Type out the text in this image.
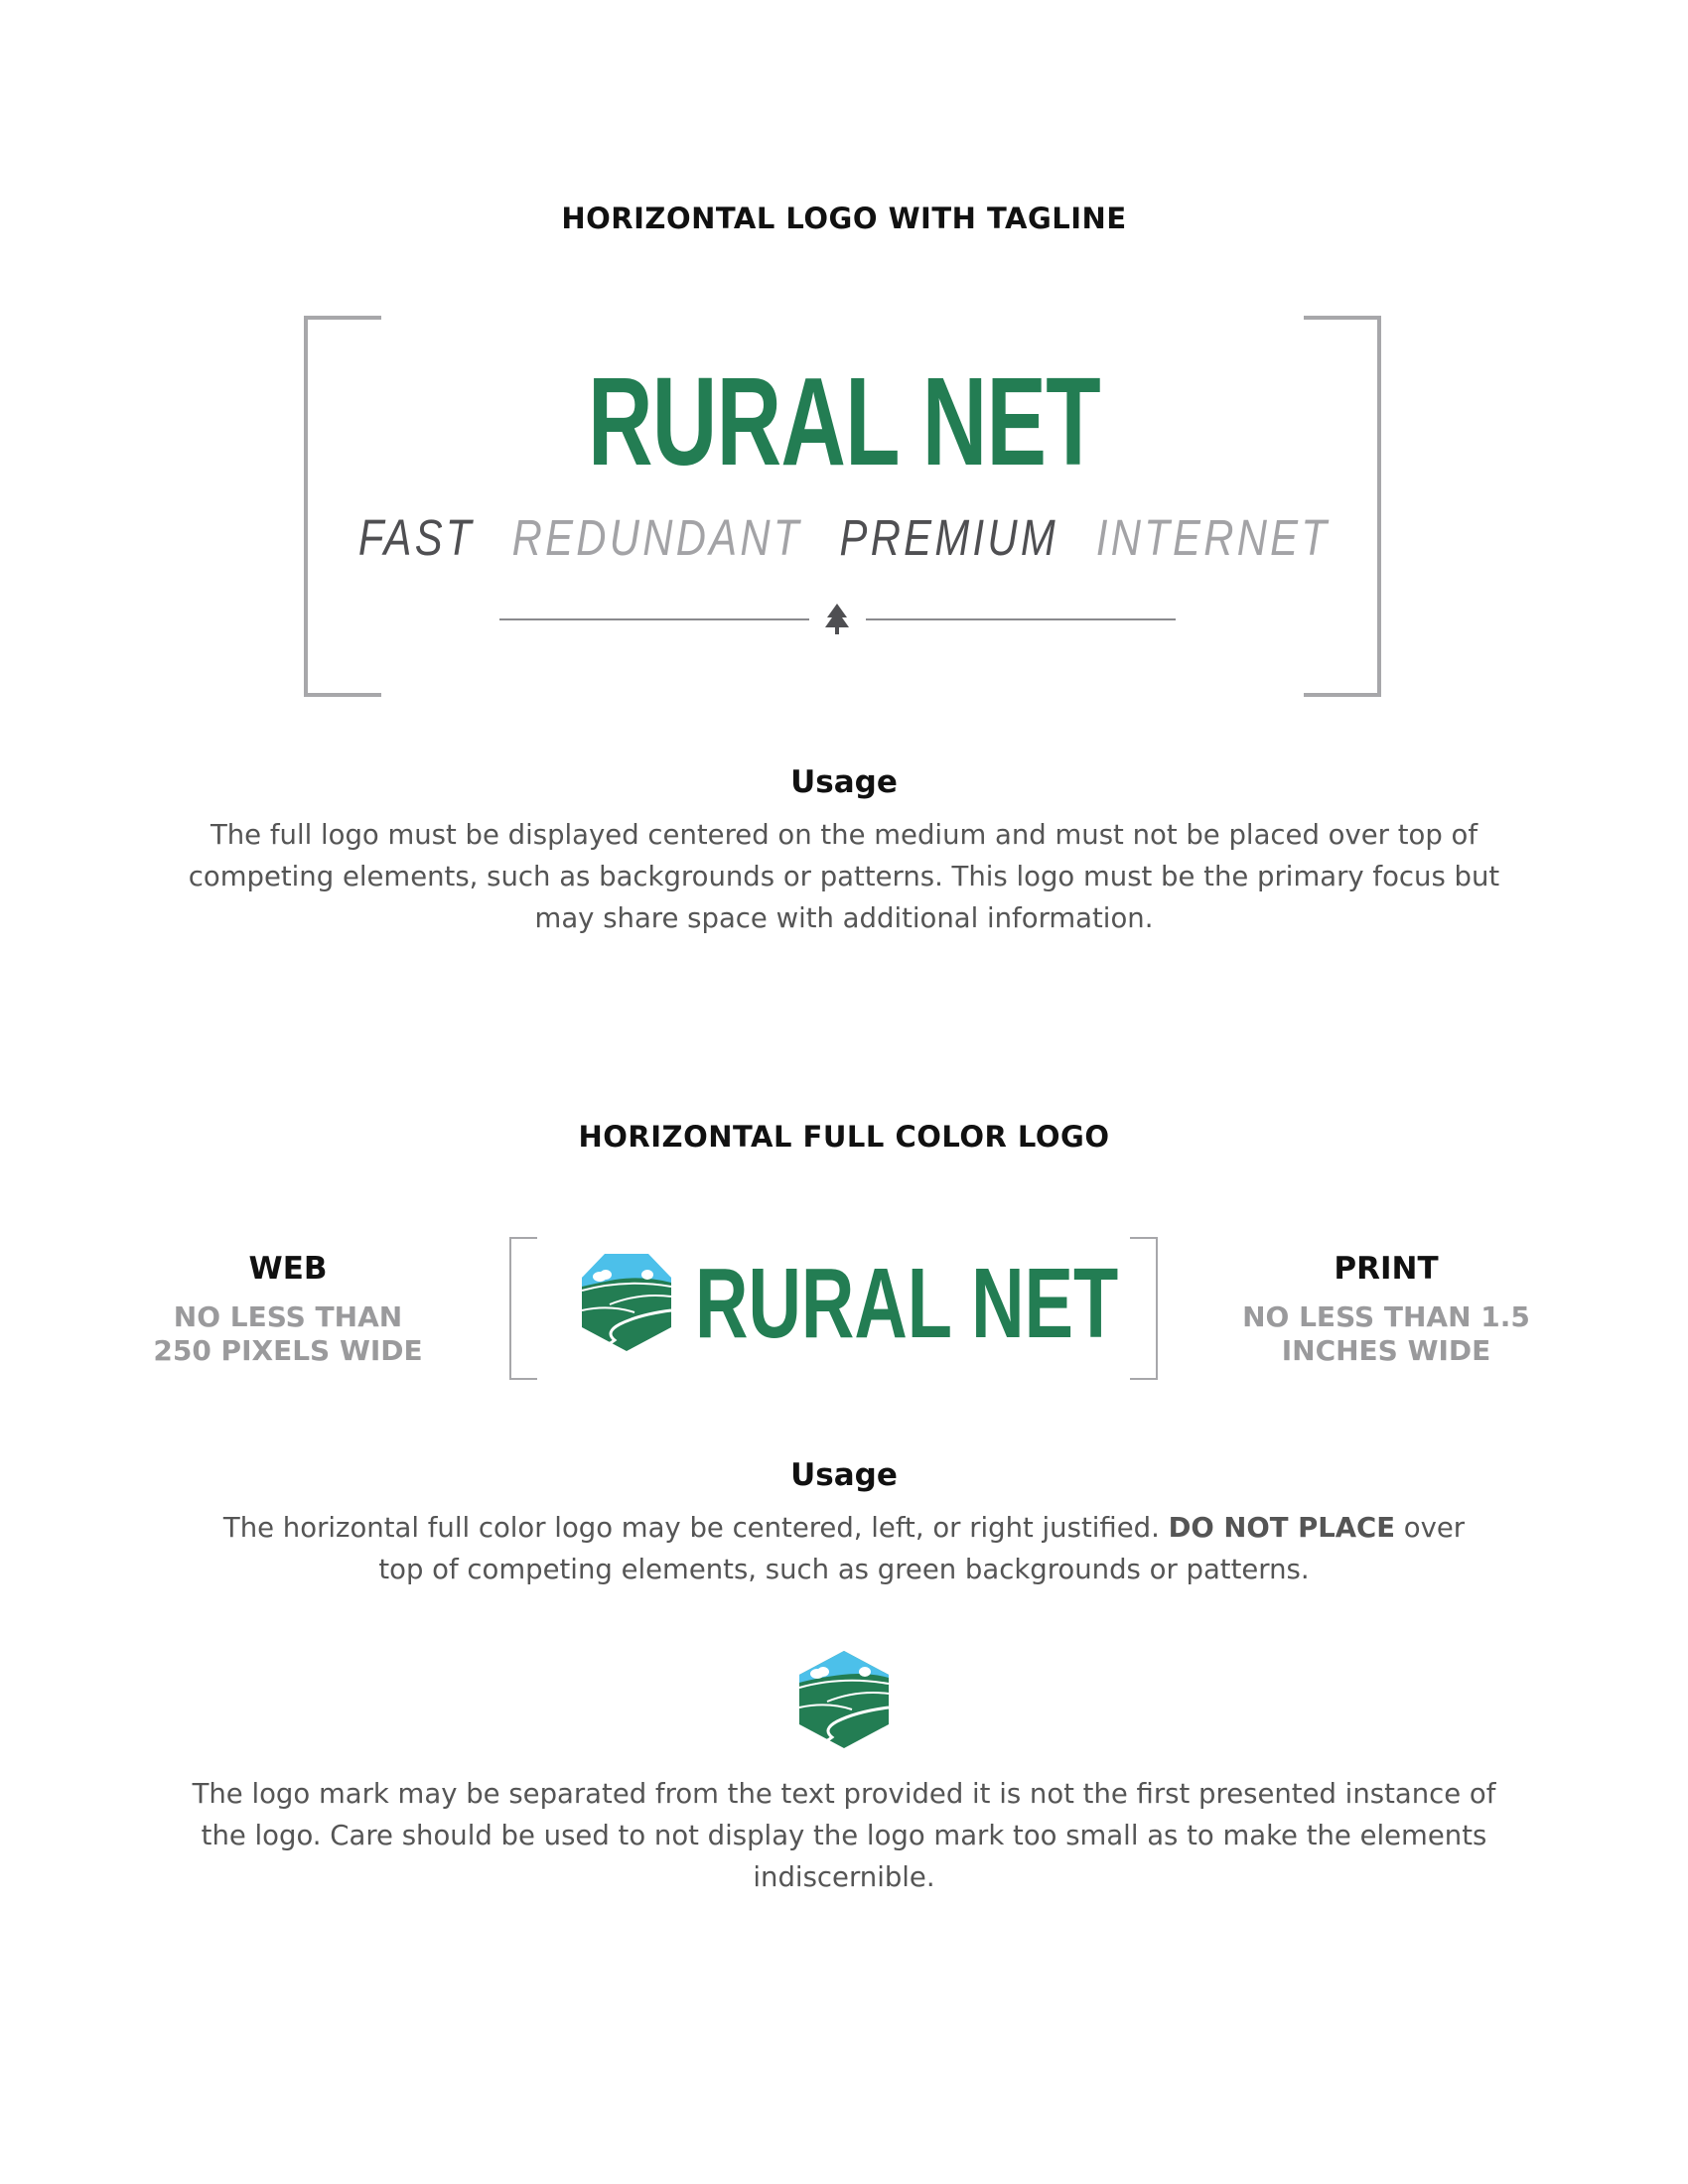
HORIZONTAL LOGO WITH TAGLINE
RURAL NET
FAST REDUNDANT PREMIUM INTERNET
Usage
The full logo must be displayed centered on the medium and must not be placed over top of competing elements, such as backgrounds or patterns. This logo must be the primary focus but may share space with additional information.
HORIZONTAL FULL COLOR LOGO
WEB
NO LESS THAN
250 PIXELS WIDE	RURAL NET	PRINT
NO LESS THAN 1.5
INCHES WIDE
Usage
The horizontal full color logo may be centered, left, or right justified. DO NOT PLACE over top of competing elements, such as green backgrounds or patterns.
The logo mark may be separated from the text provided it is not the first presented instance of the logo. Care should be used to not display the logo mark too small as to make the elements indiscernible.
